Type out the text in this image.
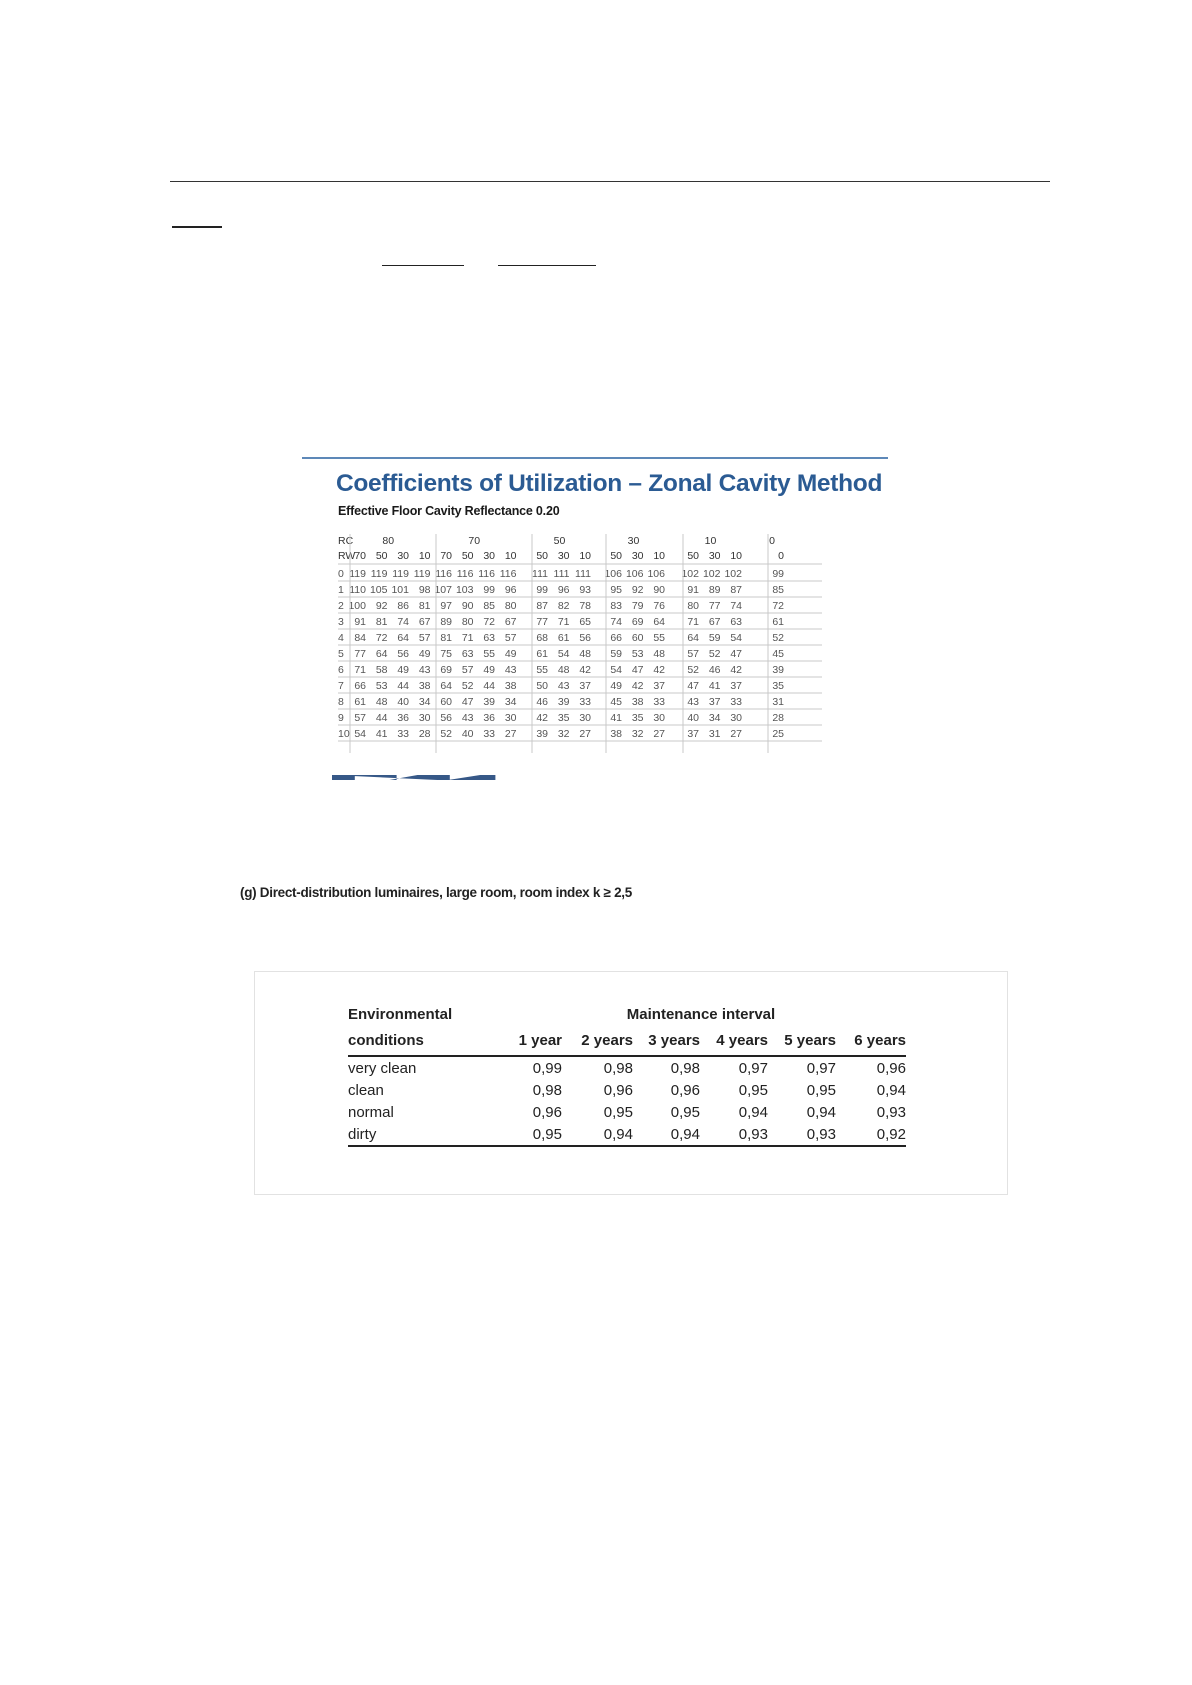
Coefficients of Utilization – Zonal Cavity Method
Effective Floor Cavity Reflectance 0.20
RC
RW
80	70	50	30	10	0
70 50 30 10 70 50 30 10 50 30 10 50 30 10 50 30 10	0
0 119 119 119 119 116 116 116 116 111 111 111 106 106 106 102 102 102	99
1 110 105 101 98 107 103 99 96 99 96 93 95 92 90 91 89 87	85
2 100 92 86 81 97 90 85 80 87 82 78 83 79 76 80 77 74	72
3 91 81 74 67 89 80 72 67 77 71 65 74 69 64 71 67 63	61
4 84 72 64 57 81 71 63 57 68 61 56 66 60 55 64 59 54	52
5 77 64 56 49 75 63 55 49 61 54 48 59 53 48 57 52 47	45
6 71 58 49 43 69 57 49 43 55 48 42 54 47 42 52 46 42	39
7 66 53 44 38 64 52 44 38 50 43 37 49 42 37 47 41 37	35
8 61 48 40 34 60 47 39 34 46 39 33 45 38 33 43 37 33	31
9 57 44 36 30 56 43 36 30 42 35 30 41 35 30 40 34 30	28
10 54 41 33 28 52 40 33 27 39 32 27 38 32 27 37 31 27	25
(g) Direct-distribution luminaires, large room, room index k ≥ 2,5
Environmental	Maintenance interval					
conditions	1 year	2 years	3 years	4 years	5 years	6 years
very clean	0,99	0,98	0,98	0,97	0,97	0,96
clean	0,98	0,96	0,96	0,95	0,95	0,94
normal	0,96	0,95	0,95	0,94	0,94	0,93
dirty	0,95	0,94	0,94	0,93	0,93	0,92
